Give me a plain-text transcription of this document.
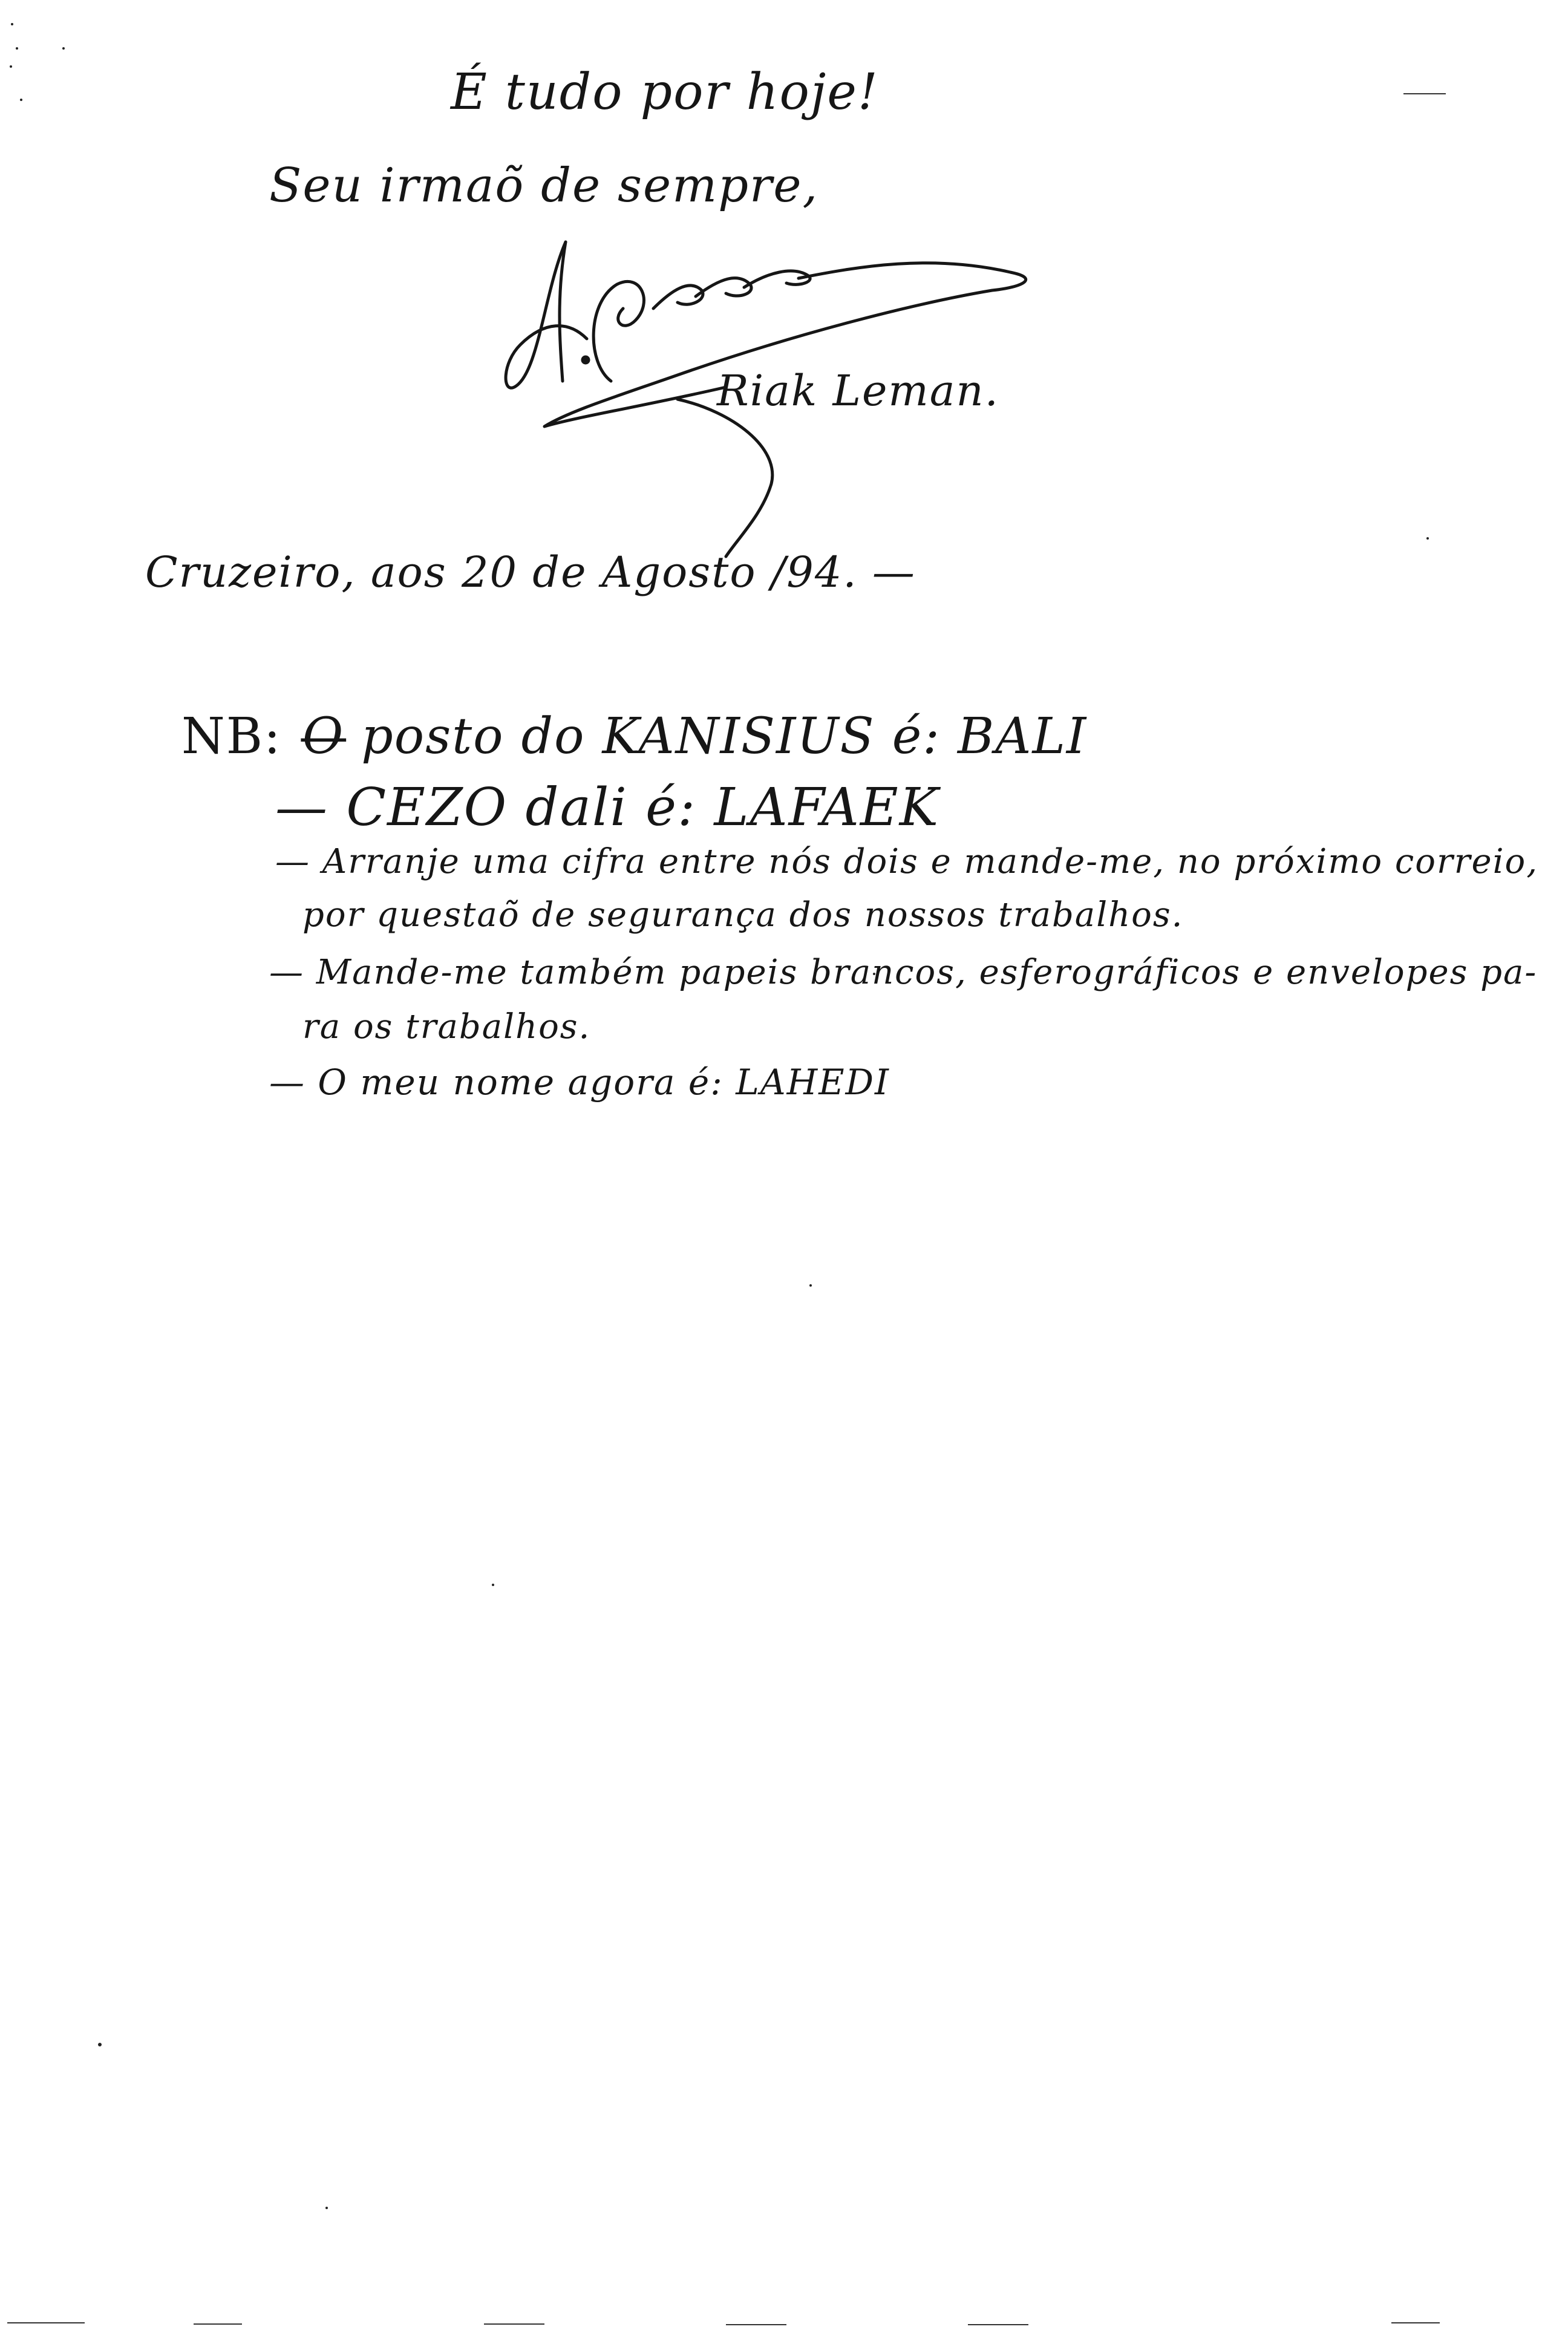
É tudo por hoje!
Seu irmaõ de sempre,
Riak Leman.
Cruzeiro, aos 20 de Agosto /94. —
NB: —
O posto do KANISIUS é: BALI
— CEZO dali é: LAFAEK
— Arranje uma cifra entre nós dois e mande-me, no próximo correio,
por questaõ de segurança dos nossos trabalhos.
— Mande-me também papeis brancos, esferográficos e envelopes pa-
ra os trabalhos.
— O meu nome agora é: LAHEDI
